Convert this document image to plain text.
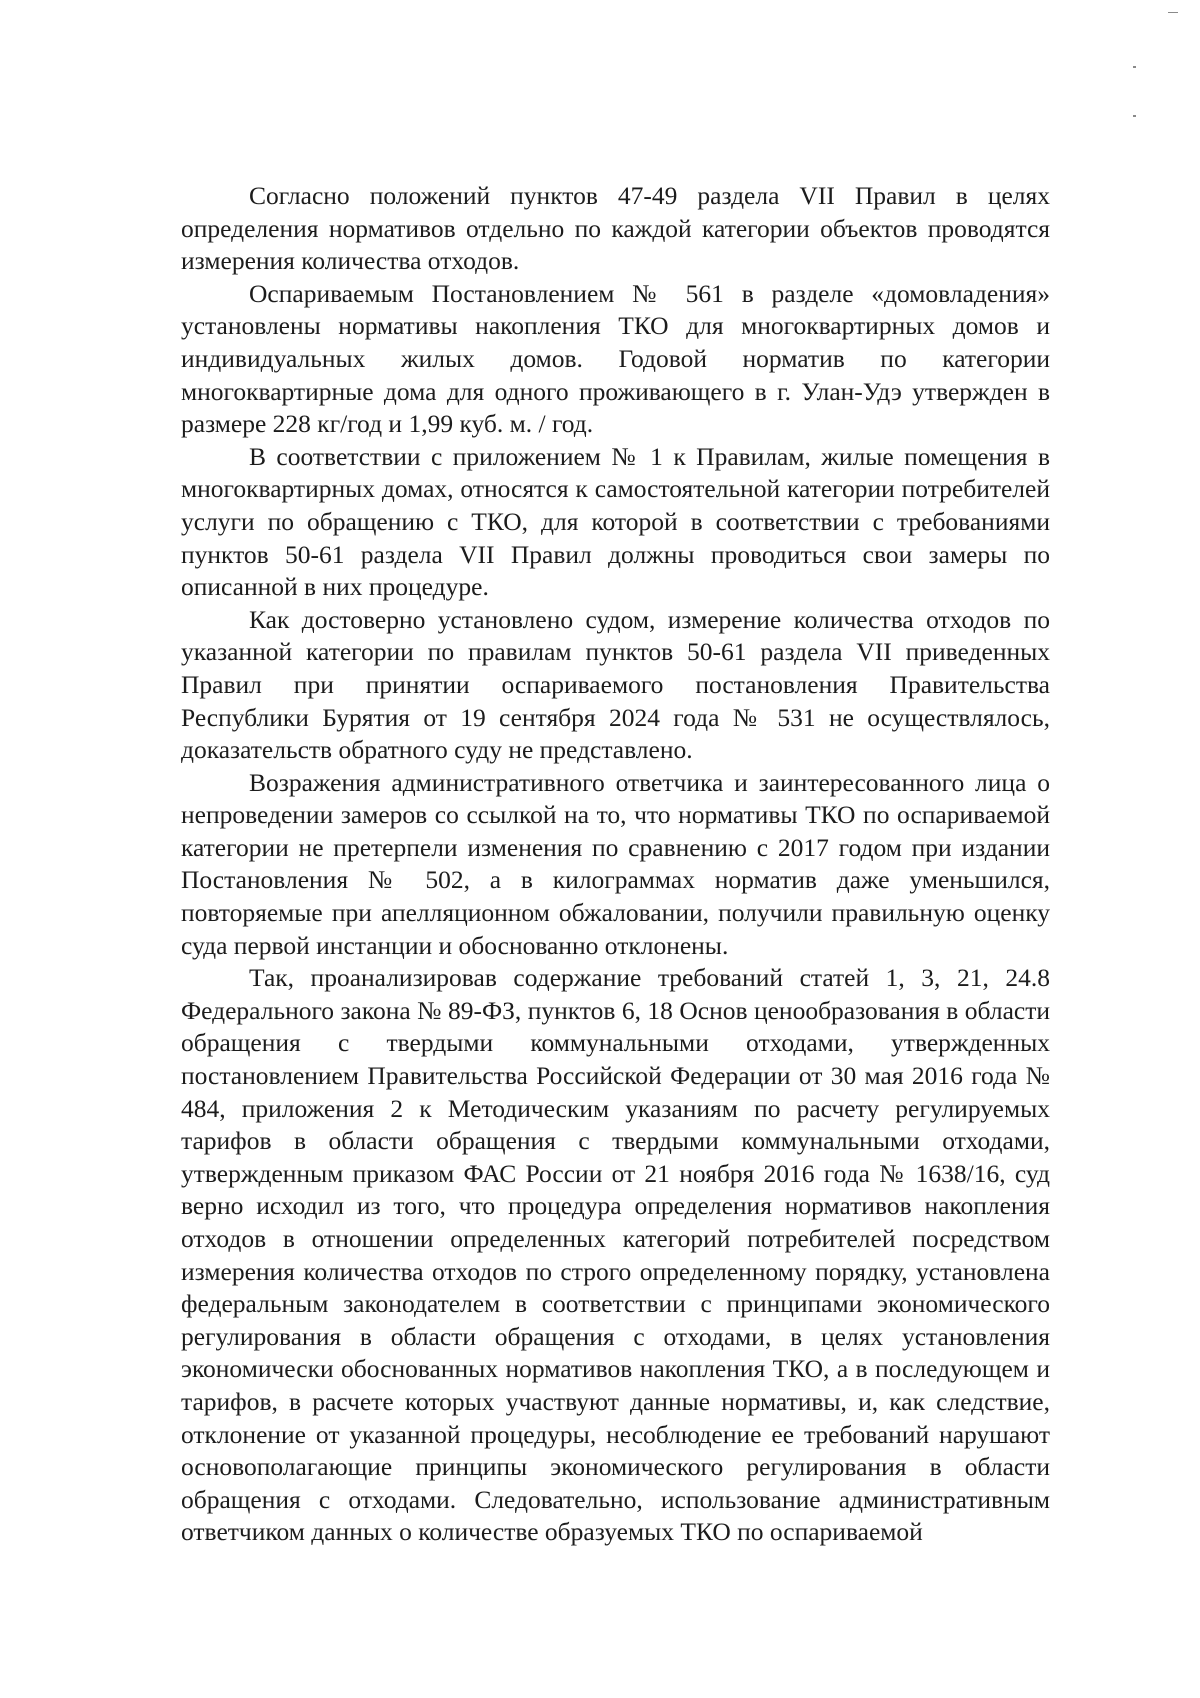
Согласно положений пунктов 47-49 раздела VII Правил в целях определения нормативов отдельно по каждой категории объектов проводятся измерения количества отходов.

Оспариваемым Постановлением № 561 в разделе «домовладения» установлены нормативы накопления ТКО для многоквартирных домов и индивидуальных жилых домов. Годовой норматив по категории многоквартирные дома для одного проживающего в г. Улан-Удэ утвержден в размере 228 кг/год и 1,99 куб. м. / год.

В соответствии с приложением № 1 к Правилам, жилые помещения в многоквартирных домах, относятся к самостоятельной категории потребителей услуги по обращению с ТКО, для которой в соответствии с требованиями пунктов 50-61 раздела VII Правил должны проводиться свои замеры по описанной в них процедуре.

Как достоверно установлено судом, измерение количества отходов по указанной категории по правилам пунктов 50-61 раздела VII приведенных Правил при принятии оспариваемого постановления Правительства Республики Бурятия от 19 сентября 2024 года № 531 не осуществлялось, доказательств обратного суду не представлено.

Возражения административного ответчика и заинтересованного лица о непроведении замеров со ссылкой на то, что нормативы ТКО по оспариваемой категории не претерпели изменения по сравнению с 2017 годом при издании Постановления № 502, а в килограммах норматив даже уменьшился, повторяемые при апелляционном обжаловании, получили правильную оценку суда первой инстанции и обоснованно отклонены.

Так, проанализировав содержание требований статей 1, 3, 21, 24.8 Федерального закона № 89-ФЗ, пунктов 6, 18 Основ ценообразования в области обращения с твердыми коммунальными отходами, утвержденных постановлением Правительства Российской Федерации от 30 мая 2016 года № 484, приложения 2 к Методическим указаниям по расчету регулируемых тарифов в области обращения с твердыми коммунальными отходами, утвержденным приказом ФАС России от 21 ноября 2016 года № 1638/16, суд верно исходил из того, что процедура определения нормативов накопления отходов в отношении определенных категорий потребителей посредством измерения количества отходов по строго определенному порядку, установлена федеральным законодателем в соответствии с принципами экономического регулирования в области обращения с отходами, в целях установления экономически обоснованных нормативов накопления ТКО, а в последующем и тарифов, в расчете которых участвуют данные нормативы, и, как следствие, отклонение от указанной процедуры, несоблюдение ее требований нарушают основополагающие принципы экономического регулирования в области обращения с отходами. Следовательно, использование административным ответчиком данных о количестве образуемых ТКО по оспариваемой
